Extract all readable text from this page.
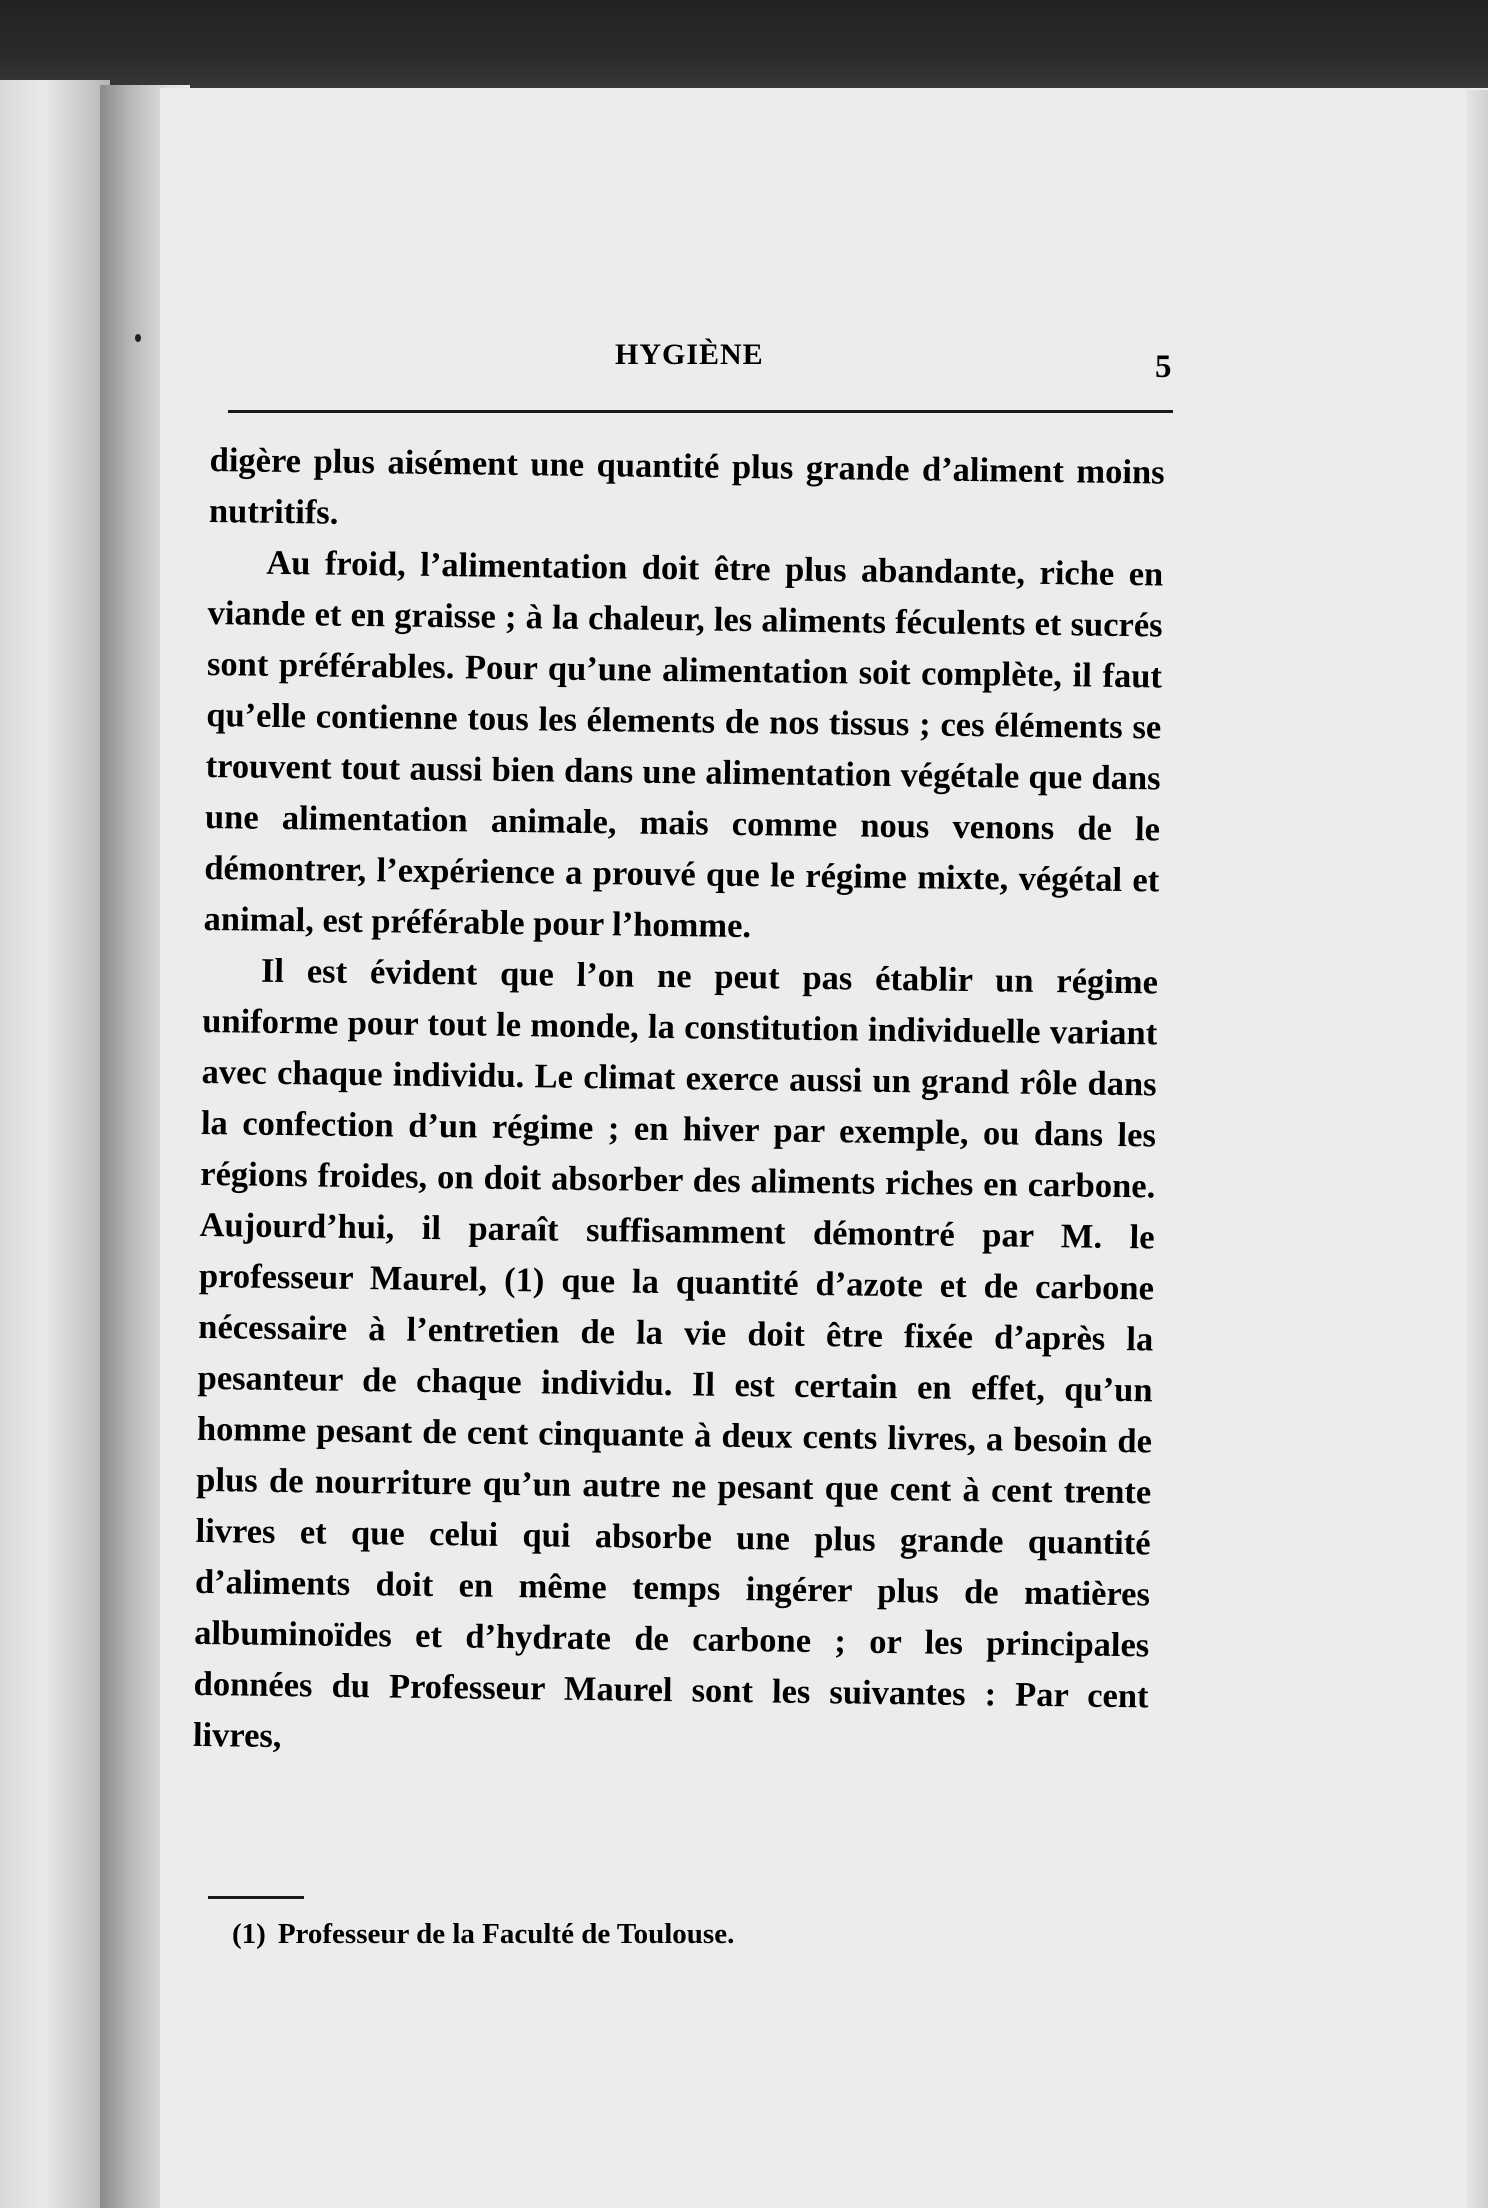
HYGIÈNE	5

digère plus aisément une quantité plus grande d’aliment moins nutritifs.

Au froid, l’alimentation doit être plus abandante, riche en viande et en graisse ; à la chaleur, les aliments féculents et sucrés sont préférables. Pour qu’une alimentation soit complète, il faut qu’elle contienne tous les élements de nos tissus ; ces éléments se trouvent tout aussi bien dans une alimentation végétale que dans une alimentation animale, mais comme nous venons de le démontrer, l’expérience a prouvé que le régime mixte, végétal et animal, est préférable pour l’homme.

Il est évident que l’on ne peut pas établir un régime uniforme pour tout le monde, la constitution individuelle variant avec chaque individu. Le climat exerce aussi un grand rôle dans la confection d’un régime ; en hiver par exemple, ou dans les régions froides, on doit absorber des aliments riches en carbone. Aujourd’hui, il paraît suffisamment démontré par M. le professeur Maurel, (1) que la quantité d’azote et de carbone nécessaire à l’entretien de la vie doit être fixée d’après la pesanteur de chaque individu. Il est certain en effet, qu’un homme pesant de cent cinquante à deux cents livres, a besoin de plus de nourriture qu’un autre ne pesant que cent à cent trente livres et que celui qui absorbe une plus grande quantité d’aliments doit en même temps ingérer plus de matières albuminoïdes et d’hydrate de carbone ; or les principales données du Professeur Maurel sont les suivantes : Par cent livres,

(1) Professeur de la Faculté de Toulouse.
